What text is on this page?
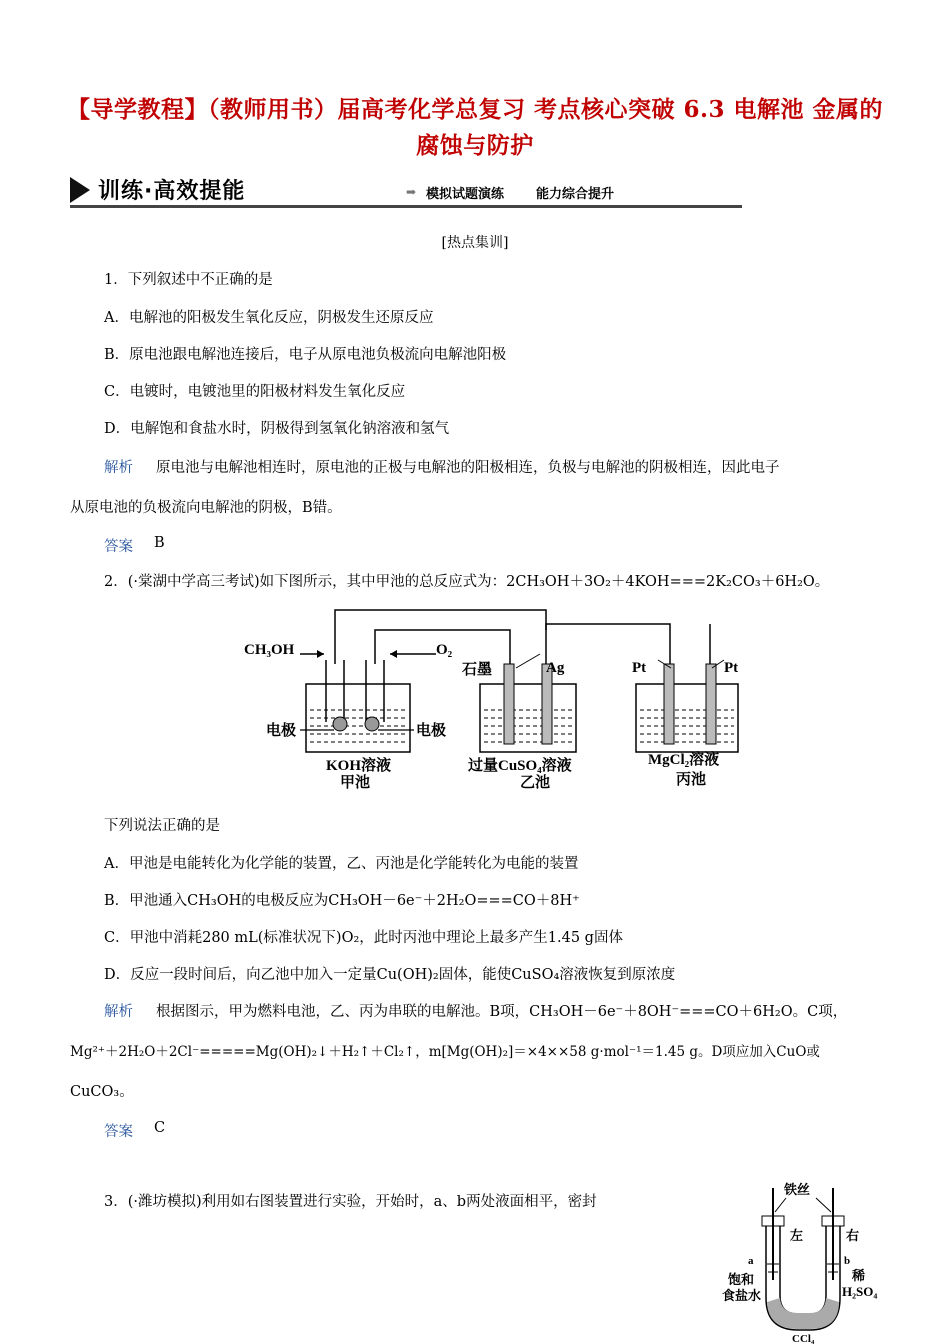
【导学教程】（教师用书）届高考化学总复习 考点核心突破 6.3 电解池 金属的
腐蚀与防护
训练·高效提能	➡ 模拟试题演练 能力综合提升
[热点集训]
1．下列叙述中不正确的是
A．电解池的阳极发生氧化反应，阴极发生还原反应
B．原电池跟电解池连接后，电子从原电池负极流向电解池阳极
C．电镀时，电镀池里的阳极材料发生氧化反应
D．电解饱和食盐水时，阴极得到氢氧化钠溶液和氢气
解析 原电池与电解池相连时，原电池的正极与电解池的阳极相连，负极与电解池的阴极相连，因此电子
从原电池的负极流向电解池的阴极，B错。
答案 B
2．(·棠湖中学高三考试)如下图所示，其中甲池的总反应式为：2CH₃OH＋3O₂＋4KOH===2K₂CO₃＋6H₂O。
CH₃OH	O₂
石墨	Ag	Pt	Pt
电极	电极
KOH溶液
甲池
过量CuSO₄溶液
乙池
MgCl₂溶液
丙池
下列说法正确的是
A．甲池是电能转化为化学能的装置，乙、丙池是化学能转化为电能的装置
B．甲池通入CH₃OH的电极反应为CH₃OH－6e⁻＋2H₂O===CO＋8H⁺
C．甲池中消耗280 mL(标准状况下)O₂，此时丙池中理论上最多产生1.45 g固体
D．反应一段时间后，向乙池中加入一定量Cu(OH)₂固体，能使CuSO₄溶液恢复到原浓度
解析 根据图示，甲为燃料电池，乙、丙为串联的电解池。B项，CH₃OH－6e⁻＋8OH⁻===CO＋6H₂O。C项，
Mg²⁺＋2H₂O＋2Cl⁻=====Mg(OH)₂↓＋H₂↑＋Cl₂↑，m[Mg(OH)₂]＝×4××58 g·mol⁻¹＝1.45 g。D项应加入CuO或
CuCO₃。
答案 C
3．(·潍坊模拟)利用如右图装置进行实验，开始时，a、b两处液面相平，密封
铁丝
左	右
a	b
饱和
食盐水
稀
H₂SO₄
CCl₄
